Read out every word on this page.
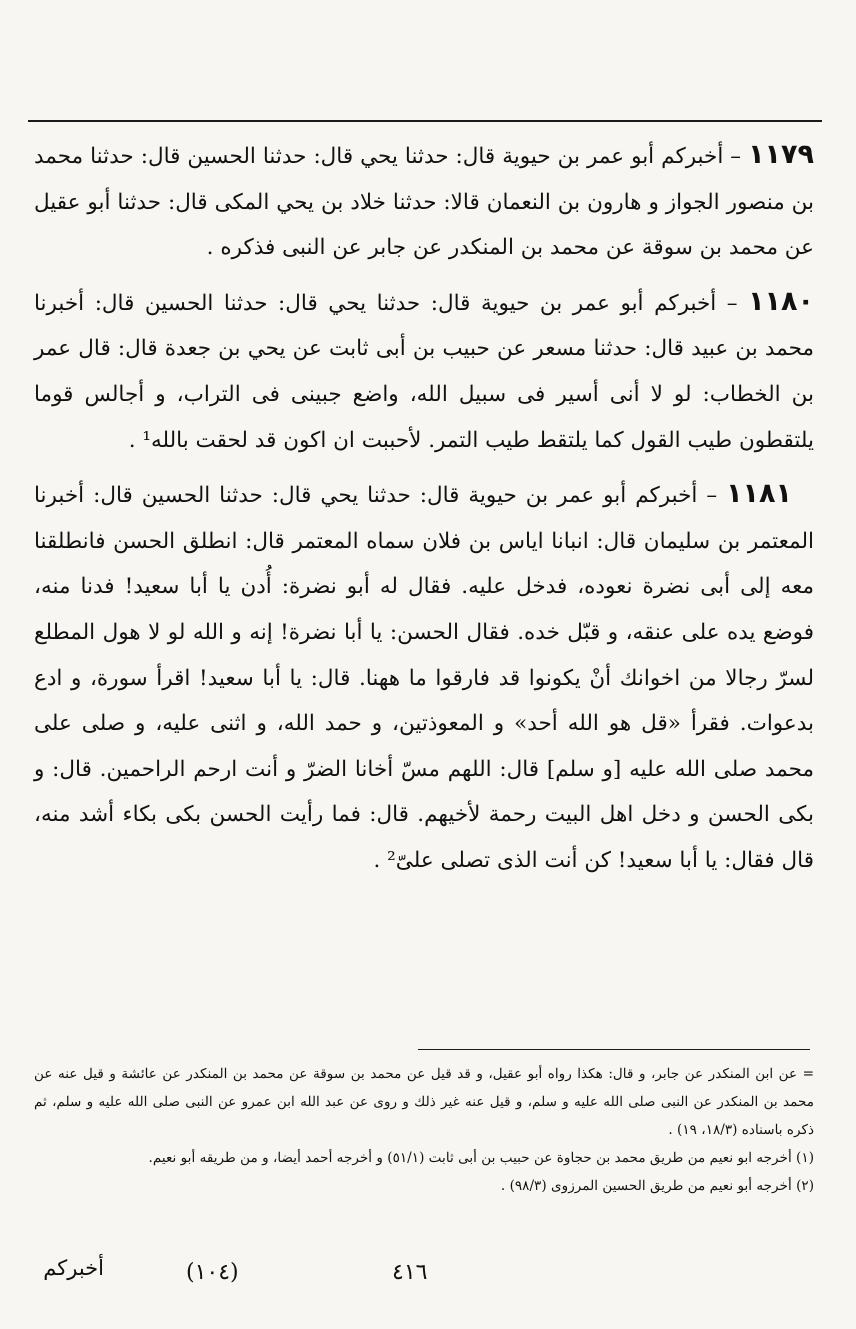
١١٧٩ – أخبركم أبو عمر بن حيوية قال: حدثنا يحي قال: حدثنا الحسين قال: حدثنا محمد بن منصور الجواز و هارون بن النعمان قالا: حدثنا خلاد بن يحي المكى قال: حدثنا أبو عقيل عن محمد بن سوقة عن محمد بن المنكدر عن جابر عن النبى فذكره .

١١٨٠ – أخبركم أبو عمر بن حيوية قال: حدثنا يحي قال: حدثنا الحسين قال: أخبرنا محمد بن عبيد قال: حدثنا مسعر عن حبيب بن أبى ثابت عن يحي بن جعدة قال: قال عمر بن الخطاب: لو لا أنى أسير فى سبيل الله، واضع جبينى فى التراب، و أجالس قوما يلتقطون طيب القول كما يلتقط طيب التمر. لأحببت ان اكون قد لحقت بالله¹ .

١١٨١ – أخبركم أبو عمر بن حيوية قال: حدثنا يحي قال: حدثنا الحسين قال: أخبرنا المعتمر بن سليمان قال: انبانا اياس بن فلان سماه المعتمر قال: انطلق الحسن فانطلقنا معه إلى أبى نضرة نعوده، فدخل عليه. فقال له أبو نضرة: أُدن يا أبا سعيد! فدنا منه، فوضع يده على عنقه، و قبّل خده. فقال الحسن: يا أبا نضرة! إنه و الله لو لا هول المطلع لسرّ رجالا من اخوانك أنْ يكونوا قد فارقوا ما ههنا. قال: يا أبا سعيد! اقرأ سورة، و ادع بدعوات. فقرأ «قل هو الله أحد» و المعوذتين، و حمد الله، و اثنى عليه، و صلى على محمد صلى الله عليه [و سلم] قال: اللهم مسّ أخانا الضرّ و أنت ارحم الراحمين. قال: و بكى الحسن و دخل اهل البيت رحمة لأخيهم. قال: فما رأيت الحسن بكى بكاء أشد منه، قال فقال: يا أبا سعيد! كن أنت الذى تصلى علىّ² .

= عن ابن المنكدر عن جابر، و قال: هكذا رواه أبو عقيل، و قد قيل عن محمد بن سوقة عن محمد بن المنكدر عن عائشة و قيل عنه عن محمد بن المنكدر عن النبى صلى الله عليه و سلم، و قيل عنه غير ذلك و روى عن عبد الله ابن عمرو عن النبى صلى الله عليه و سلم، ثم ذكره باسناده (١٨/٣، ١٩) .

(١) أخرجه ابو نعيم من طريق محمد بن حجاوة عن حبيب بن أبى ثابت (٥١/١) و أخرجه أحمد أيضا، و من طريقه أبو نعيم.

(٢) أخرجه أبو نعيم من طريق الحسين المرزوى (٩٨/٣) .

أخبركم	٤١٦
(١٠٤)
